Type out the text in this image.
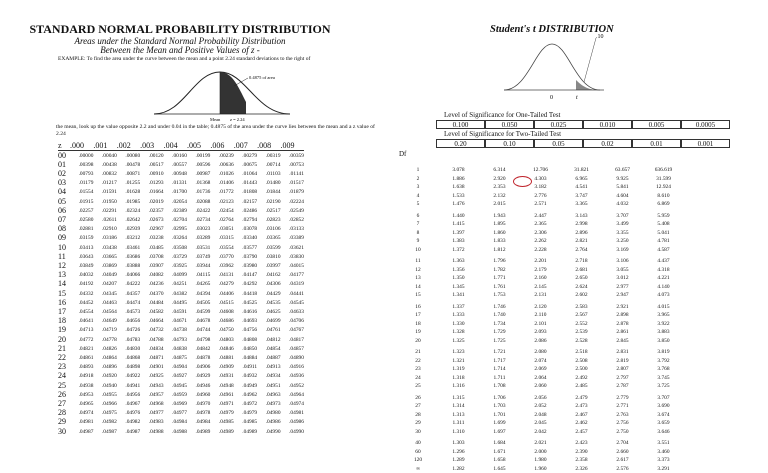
STANDARD NORMAL PROBABILITY DISTRIBUTION
Areas under the Standard Normal Probability Distribution
Between the Mean and Positive Values of z -
EXAMPLE: To find the area under the curve between the mean and a point 2.24 standard deviations to the right of
0.4875 of area
Mean z = 2.24
the mean, look up the value opposite 2.2 and under 0.04 in the table; 0.4875 of the area under the curve lies between the mean and a z value of 2.24
z	.000	.001	.002	.003	.004	.005	.006	.007	.008	.009
00	.00000	.00040	.00080	.00120	.00160	.00199	.00239	.00279	.00319	.00359
01	.00398	.00438	.00478	.00517	.00557	.00596	.00636	.00675	.00714	.00753
02	.00793	.00832	.00871	.00910	.00948	.00987	.01026	.01064	.01103	.01141
03	.01179	.01217	.01255	.01293	.01331	.01368	.01406	.01443	.01480	.01517
04	.01554	.01591	.01628	.01664	.01700	.01736	.01772	.01808	.01844	.01879
05	.01915	.01950	.01985	.02019	.02054	.02088	.02123	.02157	.02190	.02224
06	.02257	.02291	.02324	.02357	.02389	.02422	.02454	.02486	.02517	.02549
07	.02580	.02611	.02642	.02673	.02704	.02734	.02764	.02794	.02823	.02852
08	.02881	.02910	.02939	.02967	.02995	.03023	.03051	.03078	.03106	.03133
09	.03159	.03186	.03212	.03238	.03264	.03289	.03315	.03340	.03365	.03389
10	.03413	.03438	.03461	.03485	.03508	.03531	.03554	.03577	.03599	.03621
11	.03643	.03665	.03686	.03708	.03729	.03749	.03770	.03790	.03810	.03830
12	.03849	.03869	.03888	.03907	.03925	.03944	.03962	.03980	.03997	.04015
13	.04032	.04049	.04066	.04082	.04099	.04115	.04131	.04147	.04162	.04177
14	.04192	.04207	.04222	.04236	.04251	.04265	.04279	.04292	.04306	.04319
15	.04332	.04345	.04357	.04370	.04382	.04394	.04406	.04418	.04429	.04441
16	.04452	.04463	.04474	.04484	.04495	.04505	.04515	.04525	.04535	.04545
17	.04554	.04564	.04573	.04582	.04591	.04599	.04608	.04616	.04625	.04633
18	.04641	.04649	.04656	.04664	.04671	.04678	.04686	.04693	.04699	.04706
19	.04713	.04719	.04726	.04732	.04738	.04744	.04750	.04756	.04761	.04767
20	.04772	.04778	.04783	.04788	.04793	.04798	.04803	.04808	.04812	.04817
21	.04821	.04826	.04830	.04834	.04838	.04842	.04846	.04850	.04854	.04857
22	.04861	.04864	.04868	.04871	.04875	.04878	.04881	.04884	.04887	.04890
23	.04893	.04896	.04898	.04901	.04904	.04906	.04909	.04911	.04913	.04916
24	.04918	.04920	.04922	.04925	.04927	.04929	.04931	.04932	.04934	.04936
25	.04938	.04940	.04941	.04943	.04945	.04946	.04948	.04949	.04951	.04952
26	.04953	.04955	.04956	.04957	.04959	.04960	.04961	.04962	.04963	.04964
27	.04965	.04966	.04967	.04968	.04969	.04970	.04971	.04972	.04973	.04974
28	.04974	.04975	.04976	.04977	.04977	.04978	.04979	.04979	.04980	.04981
29	.04981	.04982	.04982	.04983	.04984	.04984	.04985	.04985	.04986	.04986
30	.04987	.04987	.04987	.04988	.04988	.04989	.04989	.04989	.04990	.04990
Student's t DISTRIBUTION
.10
0	t
Level of Significance for One-Tailed Test
0.100	0.050	0.025	0.010	0.005	0.0005
Level of Significance for Two-Tailed Test
0.20	0.10	0.05	0.02	0.01	0.001
Df
1	3.078	6.314	12.706	31.821	63.657	636.619
2	1.886	2.920	4.303	6.965	9.925	31.599
3	1.638	2.353	3.182	4.541	5.841	12.924
4	1.533	2.132	2.776	3.747	4.604	8.610
5	1.476	2.015	2.571	3.365	4.032	6.869

6	1.440	1.943	2.447	3.143	3.707	5.959
7	1.415	1.895	2.365	2.998	3.499	5.408
8	1.397	1.860	2.306	2.896	3.355	5.041
9	1.383	1.833	2.262	2.821	3.250	4.781
10	1.372	1.812	2.228	2.764	3.169	4.587

11	1.363	1.796	2.201	2.718	3.106	4.437
12	1.356	1.782	2.179	2.681	3.055	4.318
13	1.350	1.771	2.160	2.650	3.012	4.221
14	1.345	1.761	2.145	2.624	2.977	4.140
15	1.341	1.753	2.131	2.602	2.947	4.073

16	1.337	1.746	2.120	2.583	2.921	4.015
17	1.333	1.740	2.110	2.567	2.898	3.965
18	1.330	1.734	2.101	2.552	2.878	3.922
19	1.328	1.729	2.093	2.539	2.861	3.883
20	1.325	1.725	2.086	2.528	2.845	3.850

21	1.323	1.721	2.080	2.518	2.831	3.819
22	1.321	1.717	2.074	2.508	2.819	3.792
23	1.319	1.714	2.069	2.500	2.807	3.768
24	1.318	1.711	2.064	2.492	2.797	3.745
25	1.316	1.708	2.060	2.485	2.787	3.725

26	1.315	1.706	2.056	2.479	2.779	3.707
27	1.314	1.703	2.052	2.473	2.771	3.690
28	1.313	1.701	2.048	2.467	2.763	3.674
29	1.311	1.699	2.045	2.462	2.756	3.659
30	1.310	1.697	2.042	2.457	2.750	3.646

40	1.303	1.684	2.021	2.423	2.704	3.551
60	1.296	1.671	2.000	2.390	2.660	3.460
120	1.289	1.658	1.980	2.358	2.617	3.373
∞	1.282	1.645	1.960	2.326	2.576	3.291
